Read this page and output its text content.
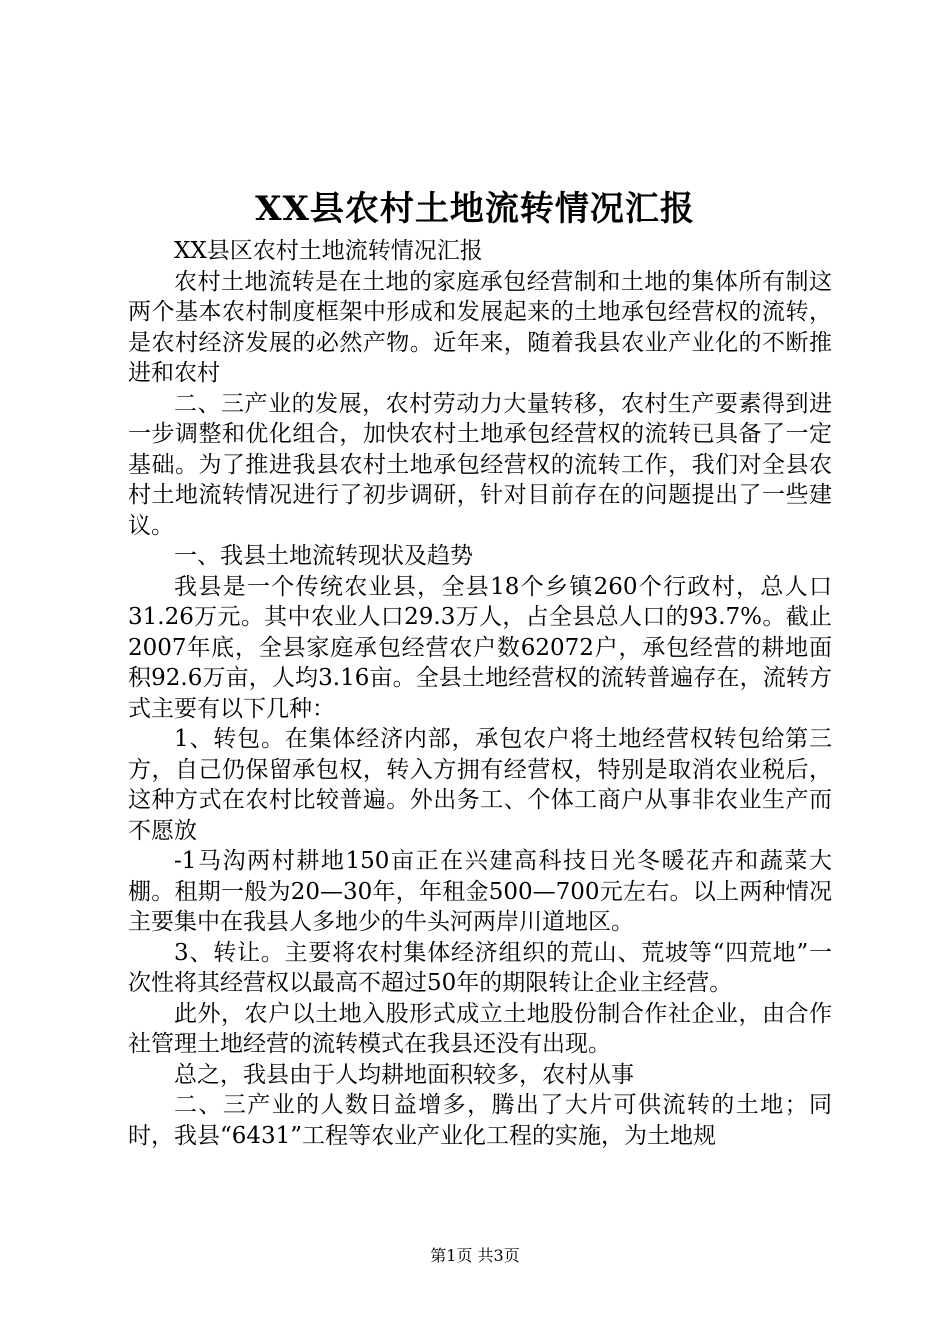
XX县农村土地流转情况汇报

XX县区农村土地流转情况汇报

农村土地流转是在土地的家庭承包经营制和土地的集体所有制这两个基本农村制度框架中形成和发展起来的土地承包经营权的流转，是农村经济发展的必然产物。近年来，随着我县农业产业化的不断推进和农村

二、三产业的发展，农村劳动力大量转移，农村生产要素得到进一步调整和优化组合，加快农村土地承包经营权的流转已具备了一定基础。为了推进我县农村土地承包经营权的流转工作，我们对全县农村土地流转情况进行了初步调研，针对目前存在的问题提出了一些建议。

一、我县土地流转现状及趋势

我县是一个传统农业县，全县18个乡镇260个行政村，总人口31.26万元。其中农业人口29.3万人，占全县总人口的93.7%。截止2007年底，全县家庭承包经营农户数62072户，承包经营的耕地面积92.6万亩，人均3.16亩。全县土地经营权的流转普遍存在，流转方式主要有以下几种：

1、转包。在集体经济内部，承包农户将土地经营权转包给第三方，自己仍保留承包权，转入方拥有经营权，特别是取消农业税后，这种方式在农村比较普遍。外出务工、个体工商户从事非农业生产而不愿放

-1马沟两村耕地150亩正在兴建高科技日光冬暖花卉和蔬菜大棚。租期一般为20—30年，年租金500—700元左右。以上两种情况主要集中在我县人多地少的牛头河两岸川道地区。

3、转让。主要将农村集体经济组织的荒山、荒坡等“四荒地”一次性将其经营权以最高不超过50年的期限转让企业主经营。

此外，农户以土地入股形式成立土地股份制合作社企业，由合作社管理土地经营的流转模式在我县还没有出现。

总之，我县由于人均耕地面积较多，农村从事

二、三产业的人数日益增多，腾出了大片可供流转的土地；同时，我县“6431”工程等农业产业化工程的实施，为土地规

第1页 共3页
